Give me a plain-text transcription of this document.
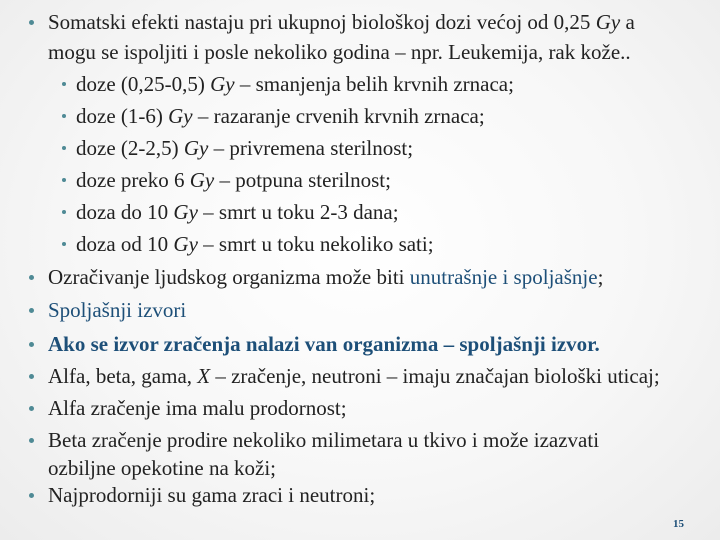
Somatski efekti nastaju pri ukupnoj biološkoj dozi većoj od 0,25 Gy a
mogu se ispoljiti i posle nekoliko godina – npr. Leukemija, rak kože..
doze (0,25-0,5) Gy – smanjenja belih krvnih zrnaca;
doze (1-6) Gy – razaranje crvenih krvnih zrnaca;
doze (2-2,5) Gy – privremena sterilnost;
doze preko 6 Gy – potpuna sterilnost;
doza do 10 Gy – smrt u toku 2-3 dana;
doza od 10 Gy – smrt u toku nekoliko sati;
Ozračivanje ljudskog organizma može biti unutrašnje i spoljašnje;
Spoljašnji izvori
Ako se izvor zračenja nalazi van organizma – spoljašnji izvor.
Alfa, beta, gama, X – zračenje, neutroni – imaju značajan biološki uticaj;
Alfa zračenje ima malu prodornost;
Beta zračenje prodire nekoliko milimetara u tkivo i može izazvati
ozbiljne opekotine na koži;
Najprodorniji su gama zraci i neutroni;
15
